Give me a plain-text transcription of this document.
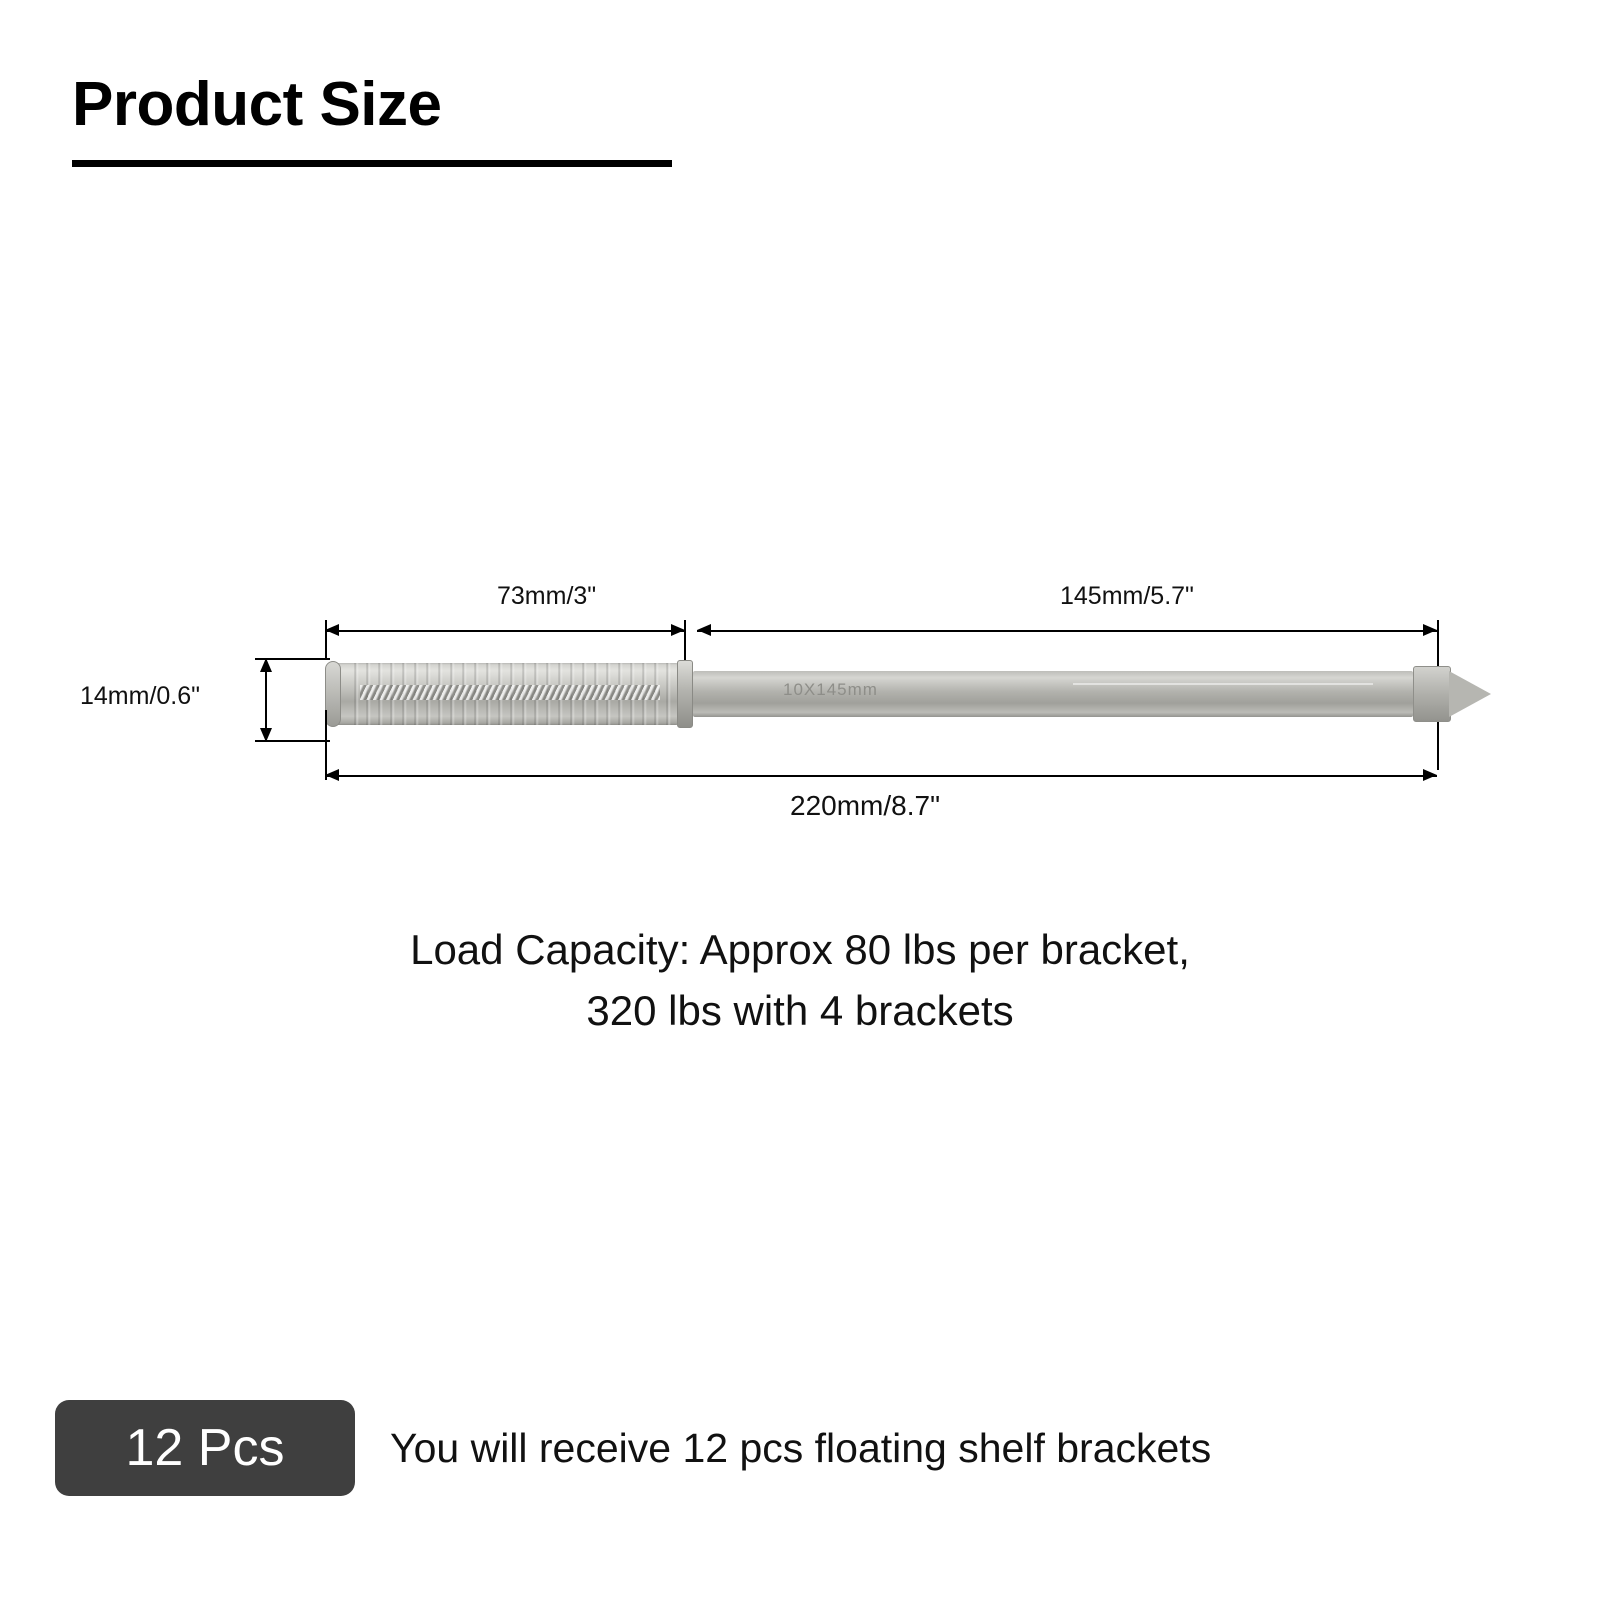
Product Size
73mm/3"	145mm/5.7"
10X145mm
14mm/0.6"
220mm/8.7"
Load Capacity: Approx 80 lbs per bracket,
320 lbs with 4 brackets
12 Pcs	You will receive 12 pcs floating shelf brackets
